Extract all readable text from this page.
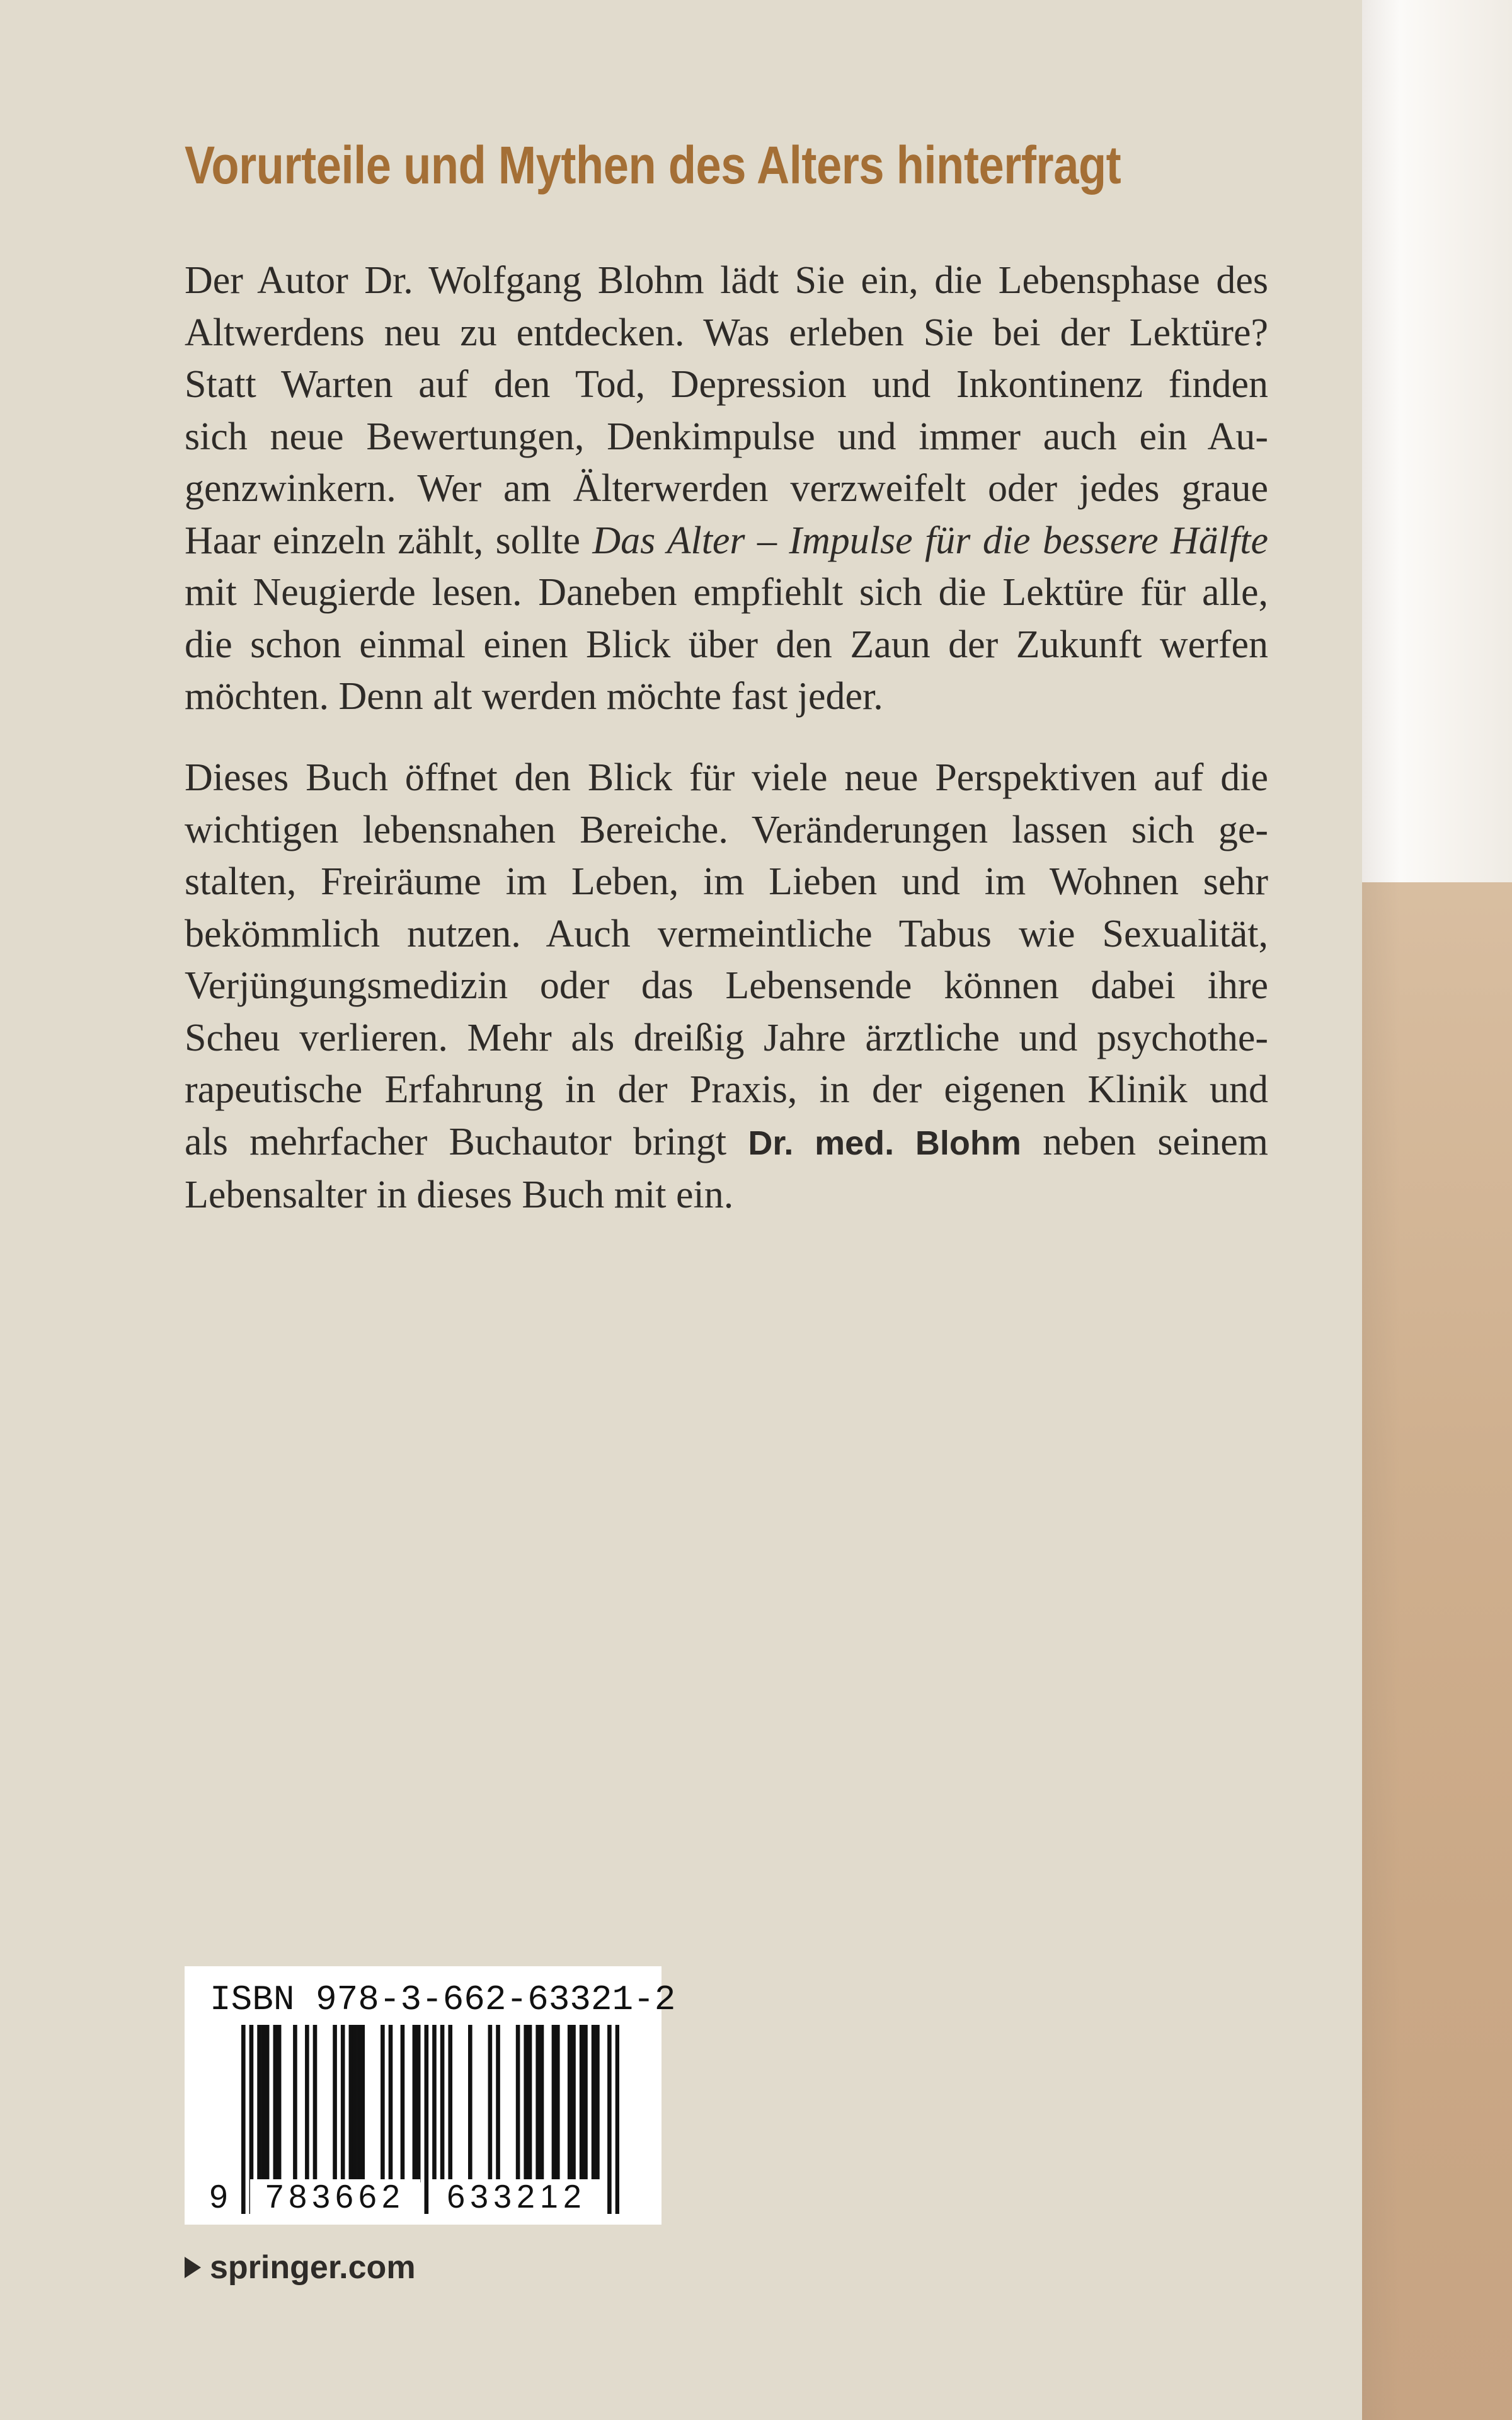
Vorurteile und Mythen des Alters hinterfragt
Der Autor Dr. Wolfgang Blohm lädt Sie ein, die Lebensphase des
Altwerdens neu zu entdecken. Was erleben Sie bei der Lektüre?
Statt Warten auf den Tod, Depression und Inkontinenz finden
sich neue Bewertungen, Denkimpulse und immer auch ein Au-
genzwinkern. Wer am Älterwerden verzweifelt oder jedes graue
Haar einzeln zählt, sollte Das Alter – Impulse für die bessere Hälfte
mit Neugierde lesen. Daneben empfiehlt sich die Lektüre für alle,
die schon einmal einen Blick über den Zaun der Zukunft werfen
möchten. Denn alt werden möchte fast jeder.
Dieses Buch öffnet den Blick für viele neue Perspektiven auf die
wichtigen lebensnahen Bereiche. Veränderungen lassen sich ge-
stalten, Freiräume im Leben, im Lieben und im Wohnen sehr
bekömmlich nutzen. Auch vermeintliche Tabus wie Sexualität,
Verjüngungsmedizin oder das Lebensende können dabei ihre
Scheu verlieren. Mehr als dreißig Jahre ärztliche und psychothe-
rapeutische Erfahrung in der Praxis, in der eigenen Klinik und
als mehrfacher Buchautor bringt Dr. med. Blohm neben seinem
Lebensalter in dieses Buch mit ein.
ISBN 978-3-662-63321-2
9	783662	633212
springer.com
